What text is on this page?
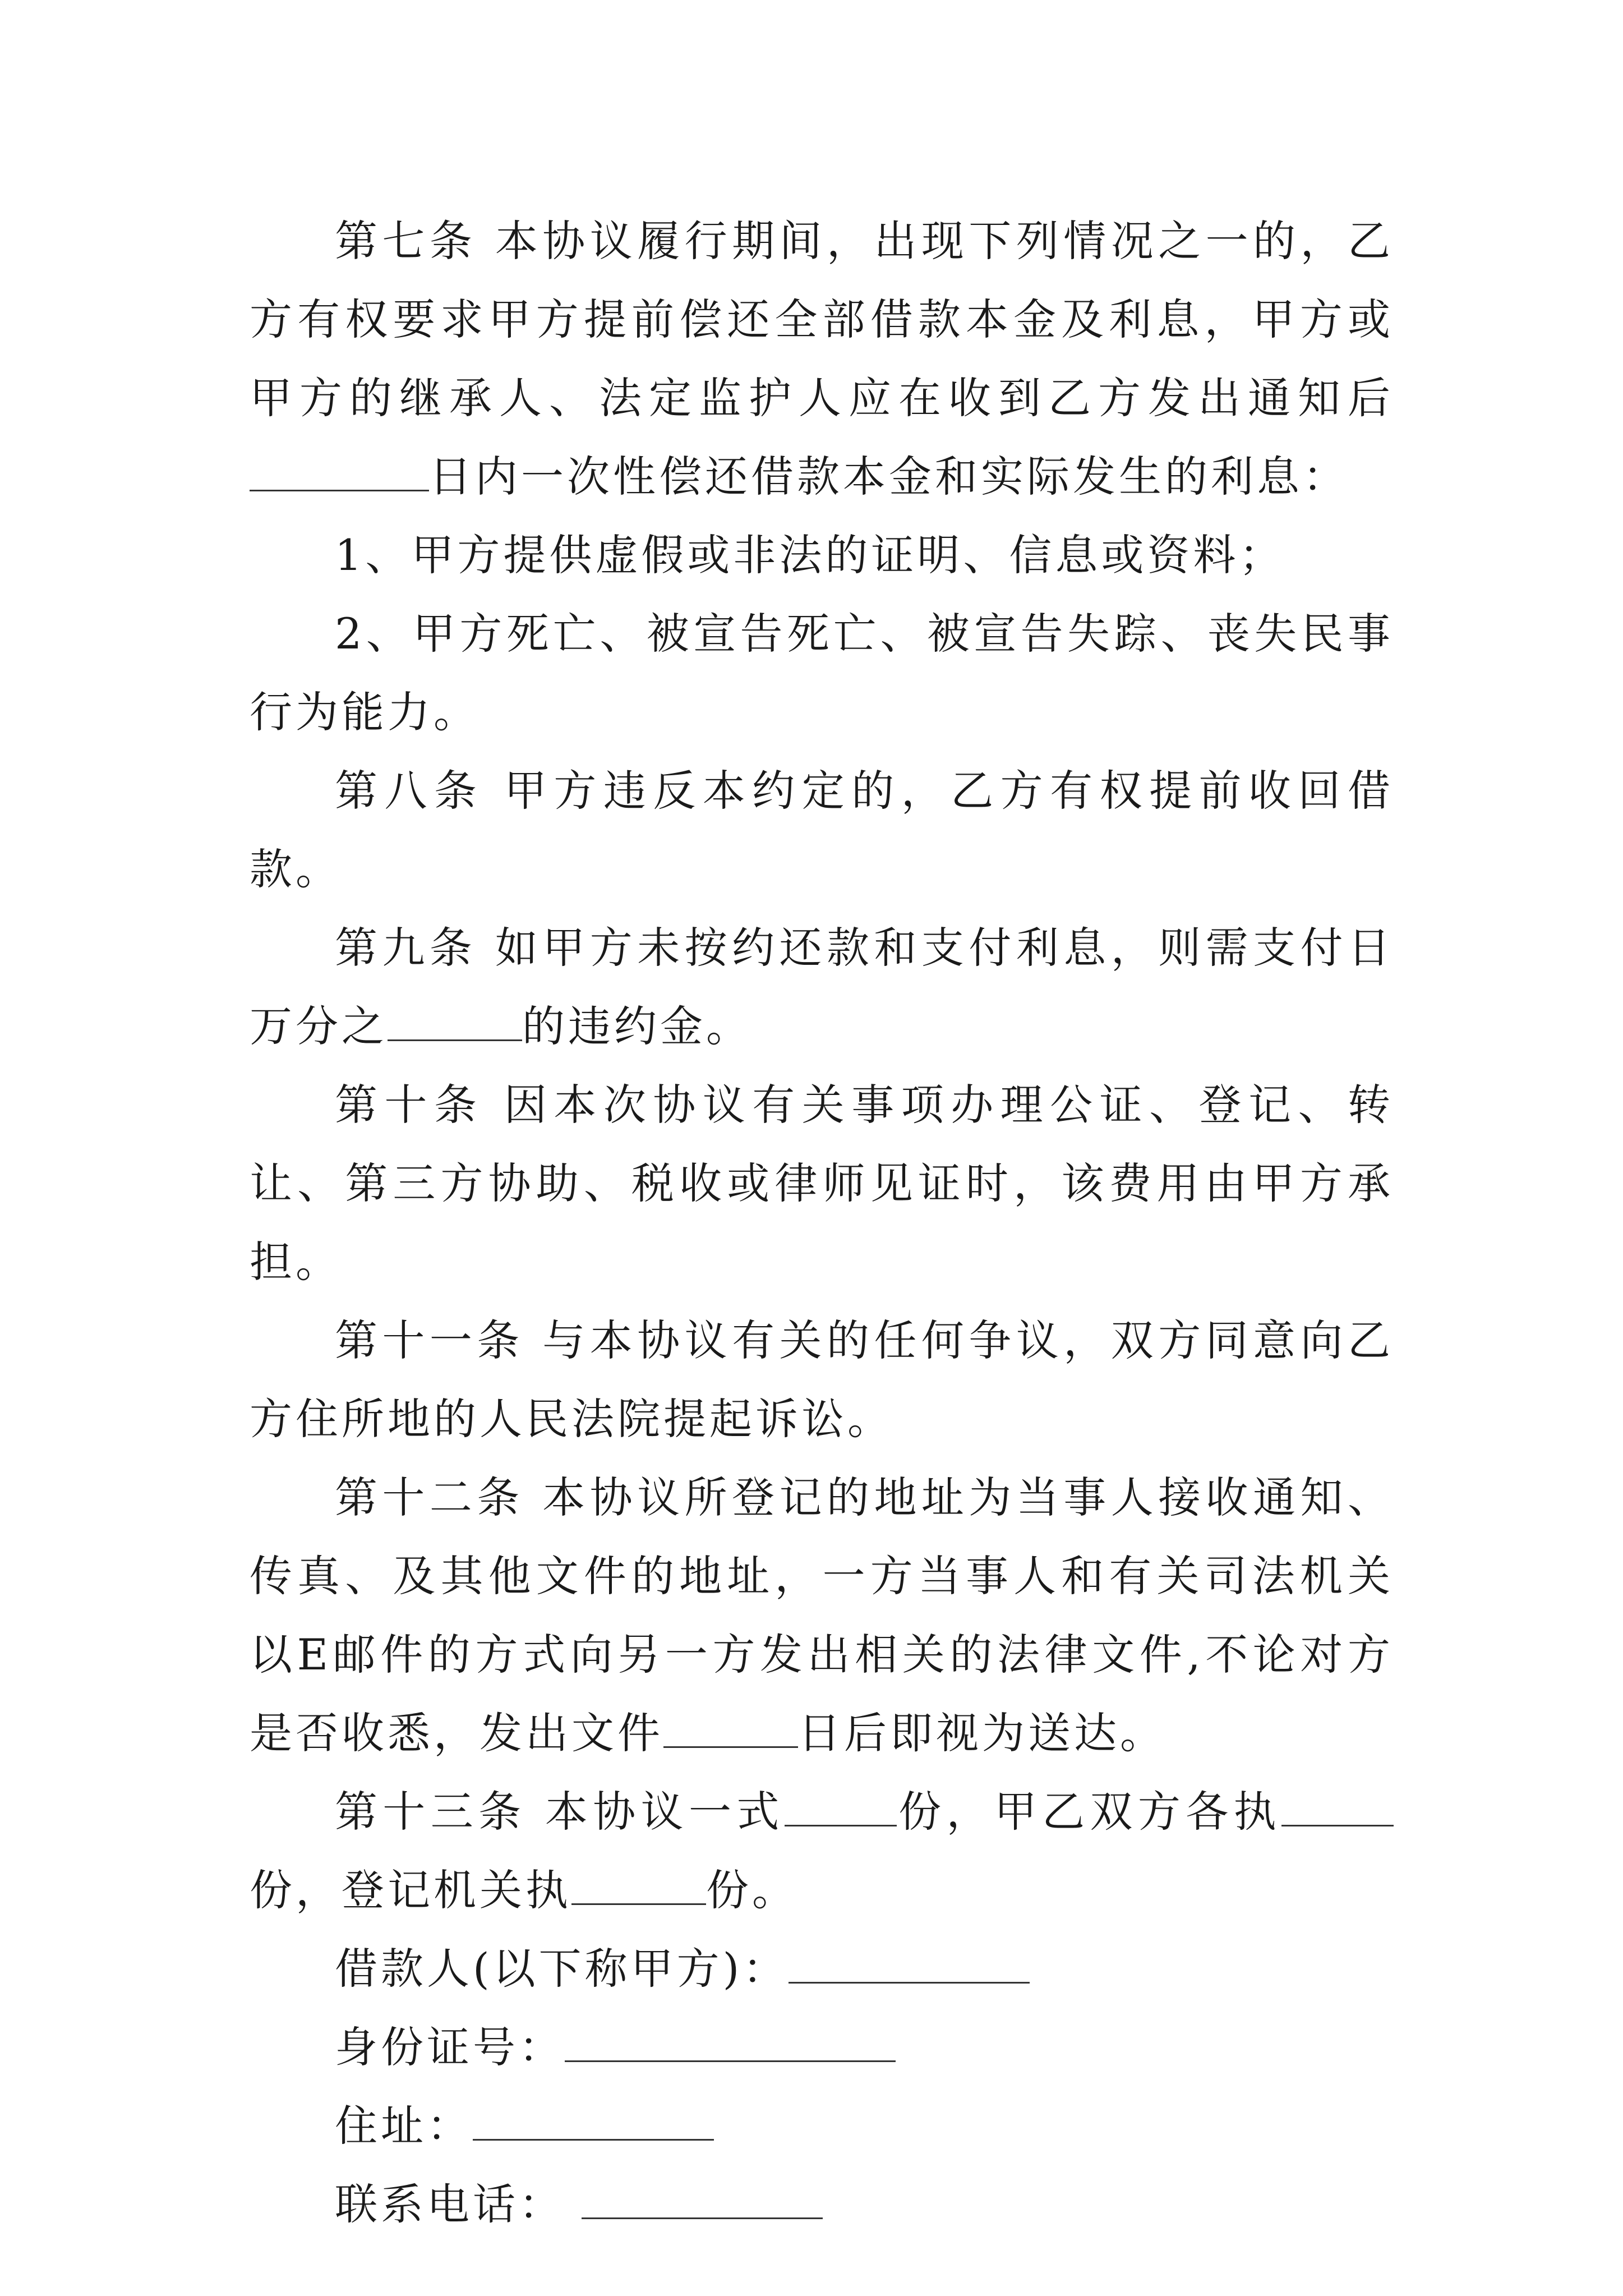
第七条 本协议履行期间，出现下列情况之一的，乙方有权要求甲方提前偿还全部借款本金及利息，甲方或甲方的继承人、法定监护人应在收到乙方发出通知后日内一次性偿还借款本金和实际发生的利息：

1、甲方提供虚假或非法的证明、信息或资料；

2、甲方死亡、被宣告死亡、被宣告失踪、丧失民事行为能力。

第八条 甲方违反本约定的，乙方有权提前收回借款。

第九条 如甲方未按约还款和支付利息，则需支付日万分之	的违约金。

第十条 因本次协议有关事项办理公证、登记、转让、第三方协助、税收或律师见证时，该费用由甲方承担。

第十一条 与本协议有关的任何争议，双方同意向乙方住所地的人民法院提起诉讼。

第十二条 本协议所登记的地址为当事人接收通知、传真、及其他文件的地址，一方当事人和有关司法机关以E邮件的方式向另一方发出相关的法律文件,不论对方是否收悉，发出文件	日后即视为送达。

第十三条 本协议一式	份，甲乙双方各执份，登记机关执	份。

借款人(以下称甲方)：

身份证号：

住址：

联系电话：
